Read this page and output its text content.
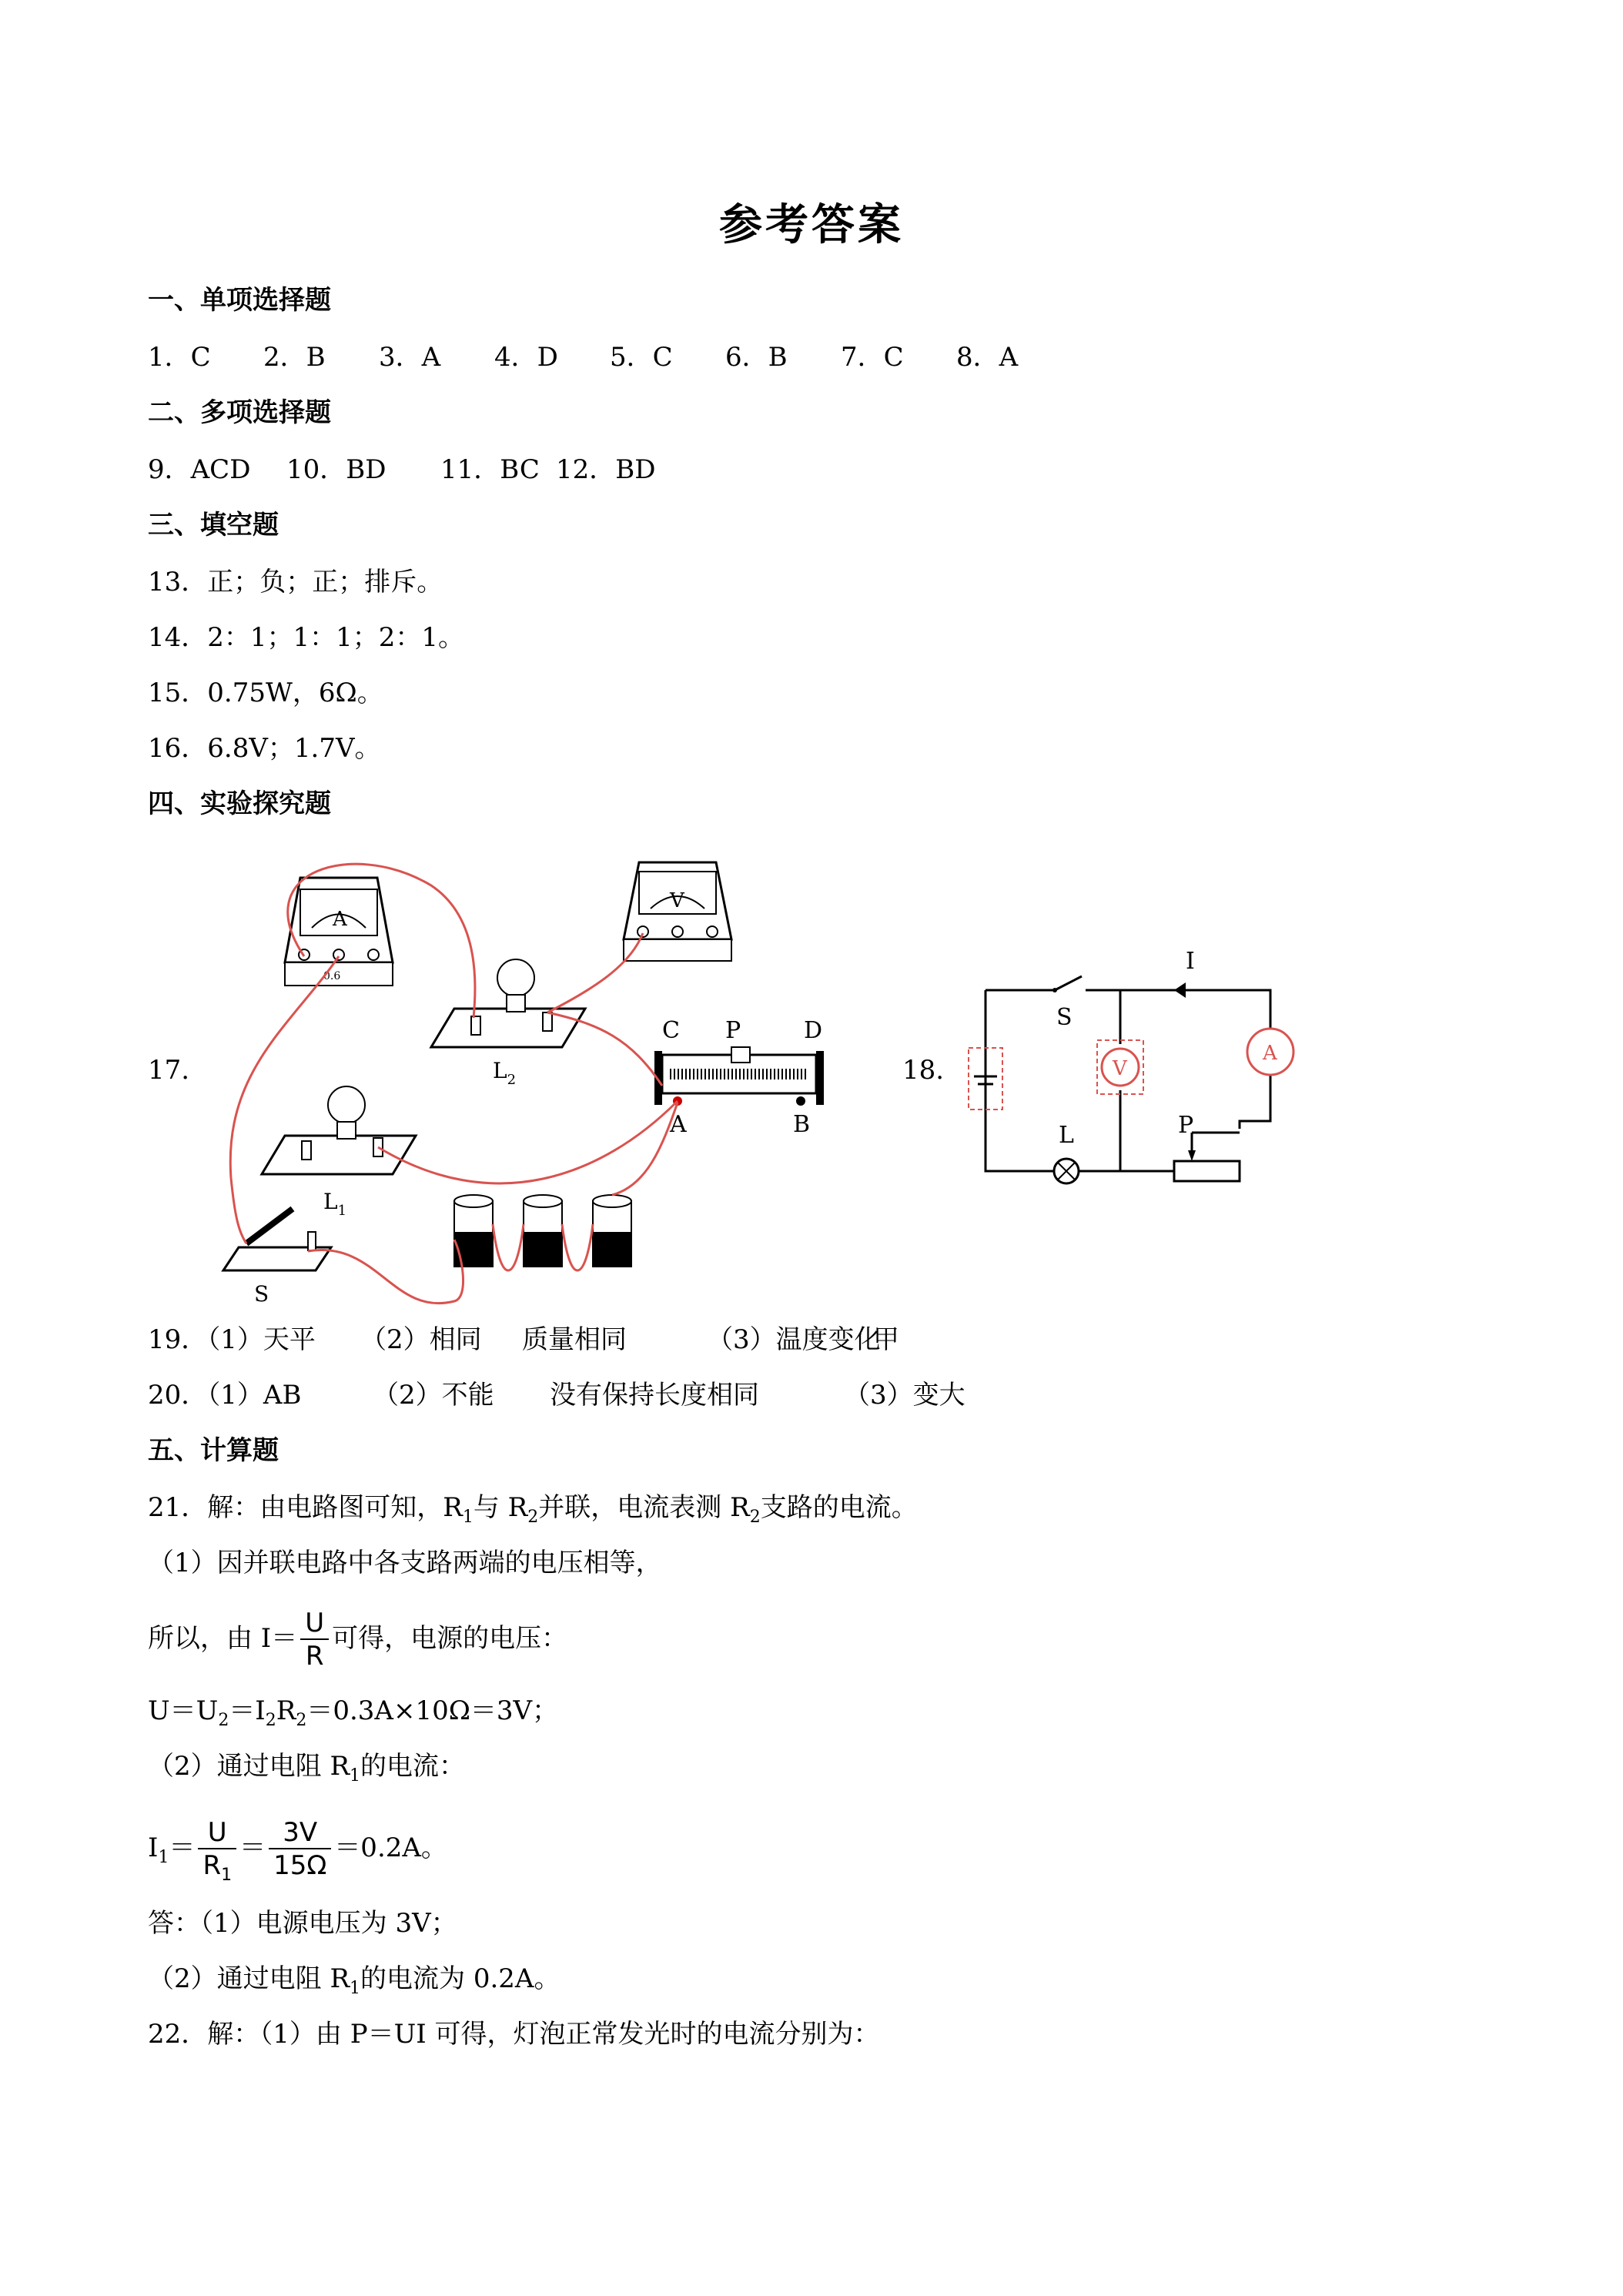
参考答案
一、单项选择题
1．C 2．B 3．A 4．D 5．C 6．B 7．C 8．A
二、多项选择题
9．ACD 10．BD 11．BC 12．BD
三、填空题
13．正；负；正；排斥。
14．2：1；1：1；2：1。
15．0.75W，6Ω。
16．6.8V；1.7V。
四、实验探究题
17.
A
0.6
V
$L_2$
$L_1$
C P	D
A	B
S
18.
S
I
V
A
L	P
19．（1）天平 （2）相同 质量相同	（3）温度变化甲
20．（1）AB	（2）不能 没有保持长度相同	（3）变大
五、计算题
21．解：由电路图可知，$R_1$与 $R_2$并联，电流表测 $R_2$支路的电流。
（1）因并联电路中各支路两端的电压相等，
所以，由 $I= \frac{U}{R}$ 可得，电源的电压：
$U=U_2=I_2R_2=0.3A\times 10\Omega=3V$；
（2）通过电阻 $R_1$的电流：
$I_1= \frac{U}{R_1} = \frac{3V}{15\Omega} =0.2A$。
答：（1）电源电压为 3V；
（2）通过电阻 $R_1$的电流为 0.2A。
22．解：（1）由 P＝UI 可得，灯泡正常发光时的电流分别为：
